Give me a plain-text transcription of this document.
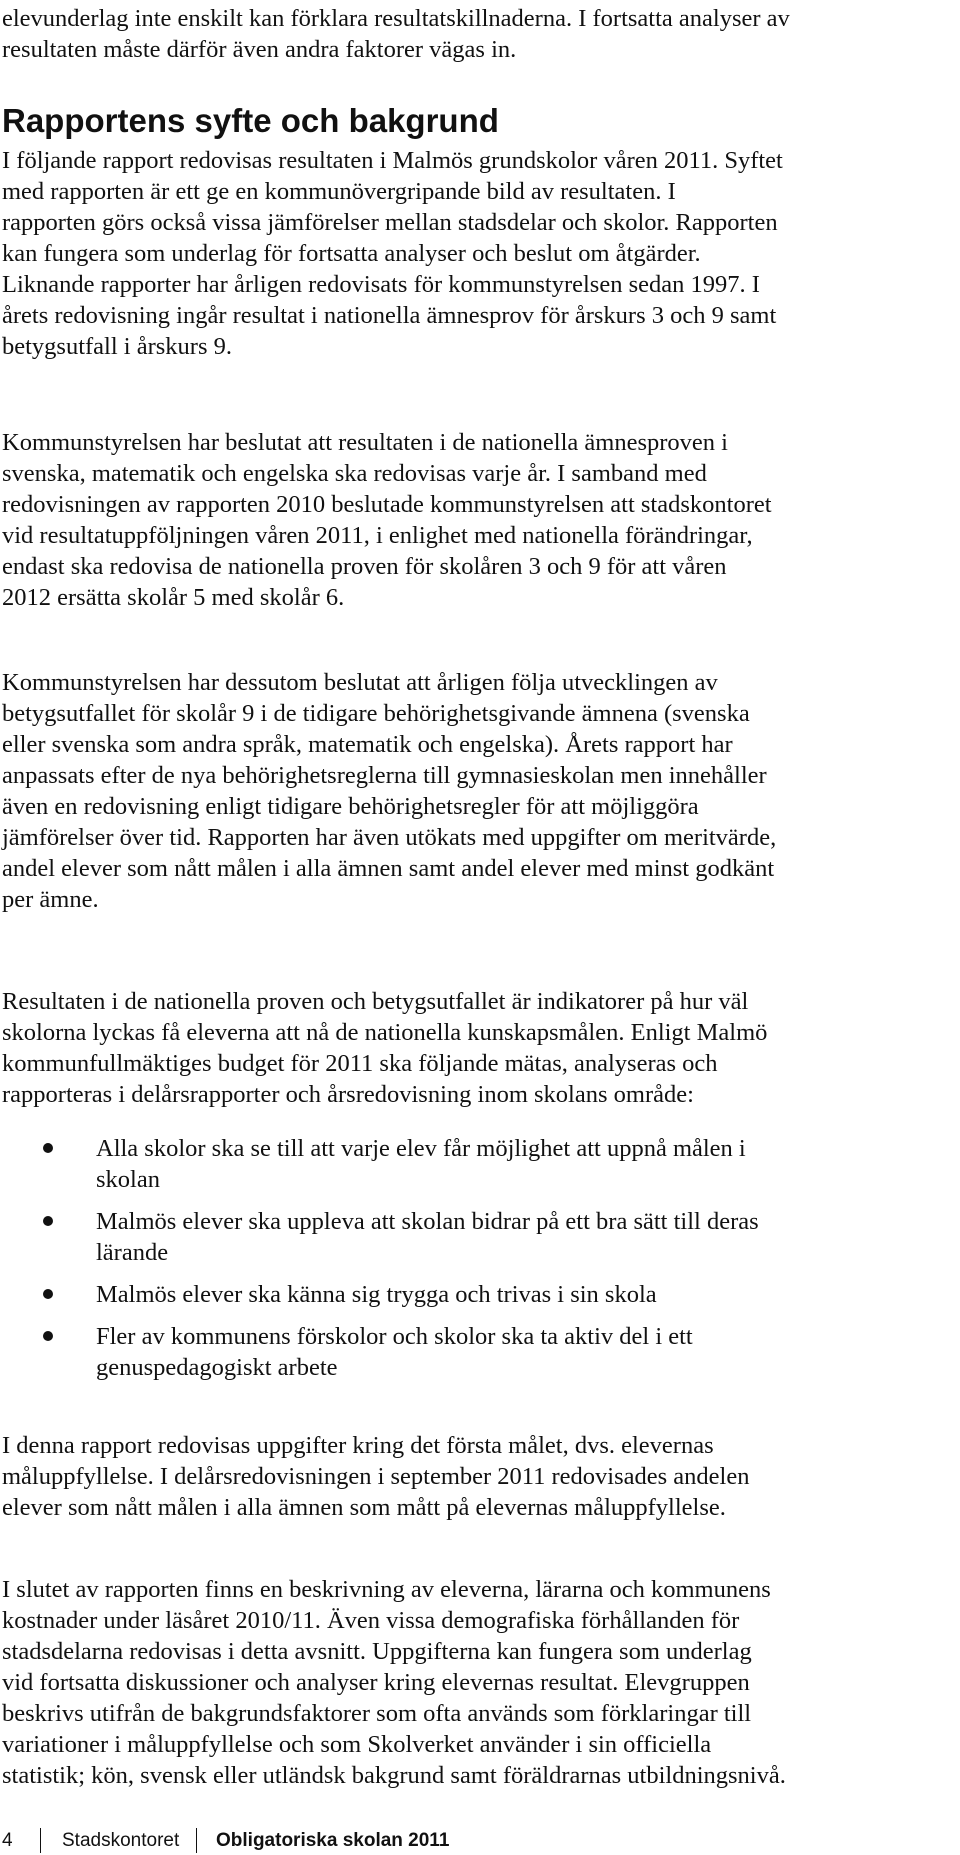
elevunderlag inte enskilt kan förklara resultatskillnaderna. I fortsatta analyser av
resultaten måste därför även andra faktorer vägas in.

Rapportens syfte och bakgrund

I följande rapport redovisas resultaten i Malmös grundskolor våren 2011. Syftet
med rapporten är ett ge en kommunövergripande bild av resultaten. I
rapporten görs också vissa jämförelser mellan stadsdelar och skolor. Rapporten
kan fungera som underlag för fortsatta analyser och beslut om åtgärder.
Liknande rapporter har årligen redovisats för kommunstyrelsen sedan 1997. I
årets redovisning ingår resultat i nationella ämnesprov för årskurs 3 och 9 samt
betygsutfall i årskurs 9.

Kommunstyrelsen har beslutat att resultaten i de nationella ämnesproven i
svenska, matematik och engelska ska redovisas varje år. I samband med
redovisningen av rapporten 2010 beslutade kommunstyrelsen att stadskontoret
vid resultatuppföljningen våren 2011, i enlighet med nationella förändringar,
endast ska redovisa de nationella proven för skolåren 3 och 9 för att våren
2012 ersätta skolår 5 med skolår 6.

Kommunstyrelsen har dessutom beslutat att årligen följa utvecklingen av
betygsutfallet för skolår 9 i de tidigare behörighetsgivande ämnena (svenska
eller svenska som andra språk, matematik och engelska). Årets rapport har
anpassats efter de nya behörighetsreglerna till gymnasieskolan men innehåller
även en redovisning enligt tidigare behörighetsregler för att möjliggöra
jämförelser över tid. Rapporten har även utökats med uppgifter om meritvärde,
andel elever som nått målen i alla ämnen samt andel elever med minst godkänt
per ämne.

Resultaten i de nationella proven och betygsutfallet är indikatorer på hur väl
skolorna lyckas få eleverna att nå de nationella kunskapsmålen. Enligt Malmö
kommunfullmäktiges budget för 2011 ska följande mätas, analyseras och
rapporteras i delårsrapporter och årsredovisning inom skolans område:

Alla skolor ska se till att varje elev får möjlighet att uppnå målen i
skolan
Malmös elever ska uppleva att skolan bidrar på ett bra sätt till deras
lärande
Malmös elever ska känna sig trygga och trivas i sin skola
Fler av kommunens förskolor och skolor ska ta aktiv del i ett
genuspedagogiskt arbete

I denna rapport redovisas uppgifter kring det första målet, dvs. elevernas
måluppfyllelse. I delårsredovisningen i september 2011 redovisades andelen
elever som nått målen i alla ämnen som mått på elevernas måluppfyllelse.

I slutet av rapporten finns en beskrivning av eleverna, lärarna och kommunens
kostnader under läsåret 2010/11. Även vissa demografiska förhållanden för
stadsdelarna redovisas i detta avsnitt. Uppgifterna kan fungera som underlag
vid fortsatta diskussioner och analyser kring elevernas resultat. Elevgruppen
beskrivs utifrån de bakgrundsfaktorer som ofta används som förklaringar till
variationer i måluppfyllelse och som Skolverket använder i sin officiella
statistik; kön, svensk eller utländsk bakgrund samt föräldrarnas utbildningsnivå.

4	Stadskontoret Obligatoriska skolan 2011
